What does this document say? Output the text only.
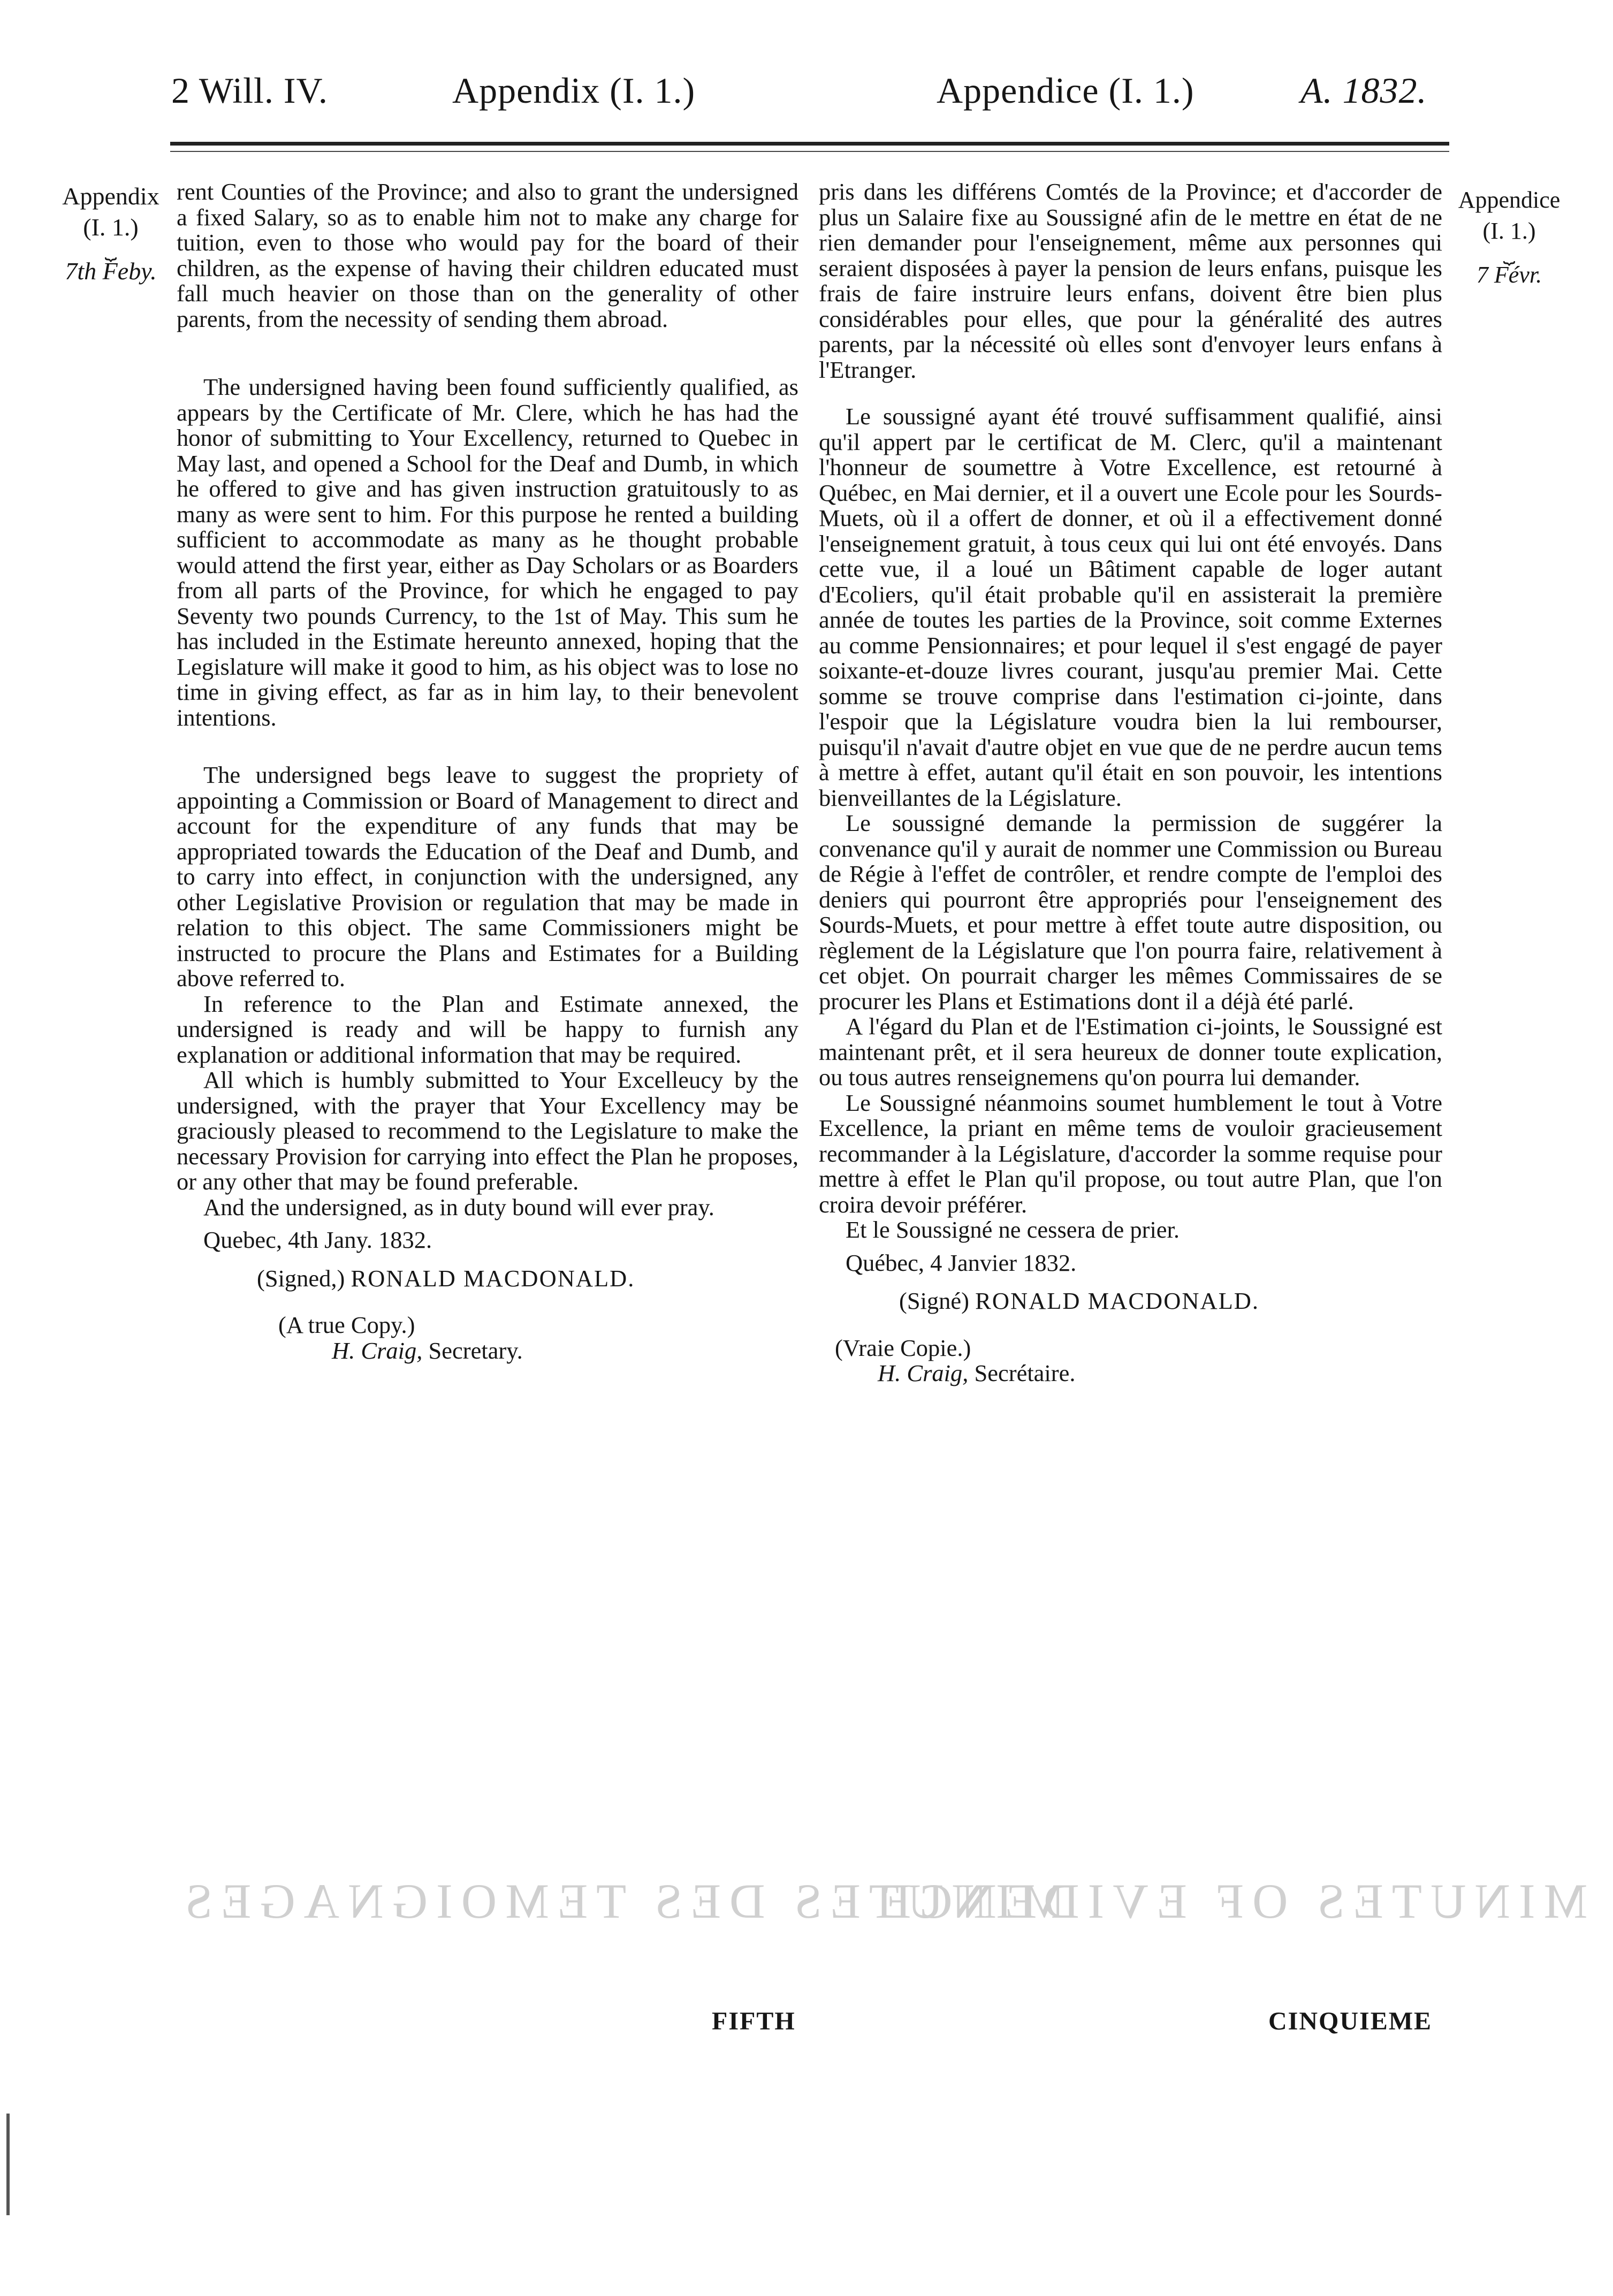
2 Will. IV.	Appendix (I. 1.)	Appendice (I. 1.)	A. 1832.
Appendix
(I. 1.)
⏟
7th Feby.
Appendice
(I. 1.)
⏟
7 Févr.

rent Counties of the Province; and also to grant the undersigned a fixed Salary, so as to enable him not to make any charge for tuition, even to those who would pay for the board of their children, as the expense of having their children educated must fall much heavier on those than on the generality of other parents, from the necessity of sending them abroad.

The undersigned having been found sufficiently qualified, as appears by the Certificate of Mr. Clere, which he has had the honor of submitting to Your Excellency, returned to Quebec in May last, and opened a School for the Deaf and Dumb, in which he offered to give and has given instruction gratuitously to as many as were sent to him. For this purpose he rented a building sufficient to accommodate as many as he thought probable would attend the first year, either as Day Scholars or as Boarders from all parts of the Province, for which he engaged to pay Seventy two pounds Currency, to the 1st of May. This sum he has included in the Estimate hereunto annexed, hoping that the Legislature will make it good to him, as his object was to lose no time in giving effect, as far as in him lay, to their benevolent intentions.

The undersigned begs leave to suggest the propriety of appointing a Commission or Board of Management to direct and account for the expenditure of any funds that may be appropriated towards the Education of the Deaf and Dumb, and to carry into effect, in conjunction with the undersigned, any other Legislative Provision or regulation that may be made in relation to this object. The same Commissioners might be instructed to procure the Plans and Estimates for a Building above referred to.

In reference to the Plan and Estimate annexed, the undersigned is ready and will be happy to furnish any explanation or additional information that may be required.

All which is humbly submitted to Your Excelleucy by the undersigned, with the prayer that Your Excellency may be graciously pleased to recommend to the Legislature to make the necessary Provision for carrying into effect the Plan he proposes, or any other that may be found preferable.

And the undersigned, as in duty bound will ever pray.

Quebec, 4th Jany. 1832.

(Signed,) RONALD MACDONALD.

(A true Copy.)

H. Craig, Secretary.

pris dans les différens Comtés de la Province; et d'accorder de plus un Salaire fixe au Soussigné afin de le mettre en état de ne rien demander pour l'enseignement, même aux personnes qui seraient disposées à payer la pension de leurs enfans, puisque les frais de faire instruire leurs enfans, doivent être bien plus considérables pour elles, que pour la généralité des autres parents, par la nécessité où elles sont d'envoyer leurs enfans à l'Etranger.

Le soussigné ayant été trouvé suffisamment qualifié, ainsi qu'il appert par le certificat de M. Clerc, qu'il a maintenant l'honneur de soumettre à Votre Excellence, est retourné à Québec, en Mai dernier, et il a ouvert une Ecole pour les Sourds-Muets, où il a offert de donner, et où il a effectivement donné l'enseignement gratuit, à tous ceux qui lui ont été envoyés. Dans cette vue, il a loué un Bâtiment capable de loger autant d'Ecoliers, qu'il était probable qu'il en assisterait la première année de toutes les parties de la Province, soit comme Externes au comme Pensionnaires; et pour lequel il s'est engagé de payer soixante-et-douze livres courant, jusqu'au premier Mai. Cette somme se trouve comprise dans l'estimation ci-jointe, dans l'espoir que la Législature voudra bien la lui rembourser, puisqu'il n'avait d'autre objet en vue que de ne perdre aucun tems à mettre à effet, autant qu'il était en son pouvoir, les intentions bienveillantes de la Législature.

Le soussigné demande la permission de suggérer la convenance qu'il y aurait de nommer une Commission ou Bureau de Régie à l'effet de contrôler, et rendre compte de l'emploi des deniers qui pourront être appropriés pour l'enseignement des Sourds-Muets, et pour mettre à effet toute autre disposition, ou règlement de la Législature que l'on pourra faire, relativement à cet objet. On pourrait charger les mêmes Commissaires de se procurer les Plans et Estimations dont il a déjà été parlé.

A l'égard du Plan et de l'Estimation ci-joints, le Soussigné est maintenant prêt, et il sera heureux de donner toute explication, ou tous autres renseignemens qu'on pourra lui demander.

Le Soussigné néanmoins soumet humblement le tout à Votre Excellence, la priant en même tems de vouloir gracieusement recommander à la Législature, d'accorder la somme requise pour mettre à effet le Plan qu'il propose, ou tout autre Plan, que l'on croira devoir préférer.

Et le Soussigné ne cessera de prier.

Québec, 4 Janvier 1832.

(Signé) RONALD MACDONALD.

(Vraie Copie.)

H. Craig, Secrétaire.

MINUTES DES TEMOIGNAGES
MINUTES OF EVIDENCE
FIFTH	CINQUIEME
